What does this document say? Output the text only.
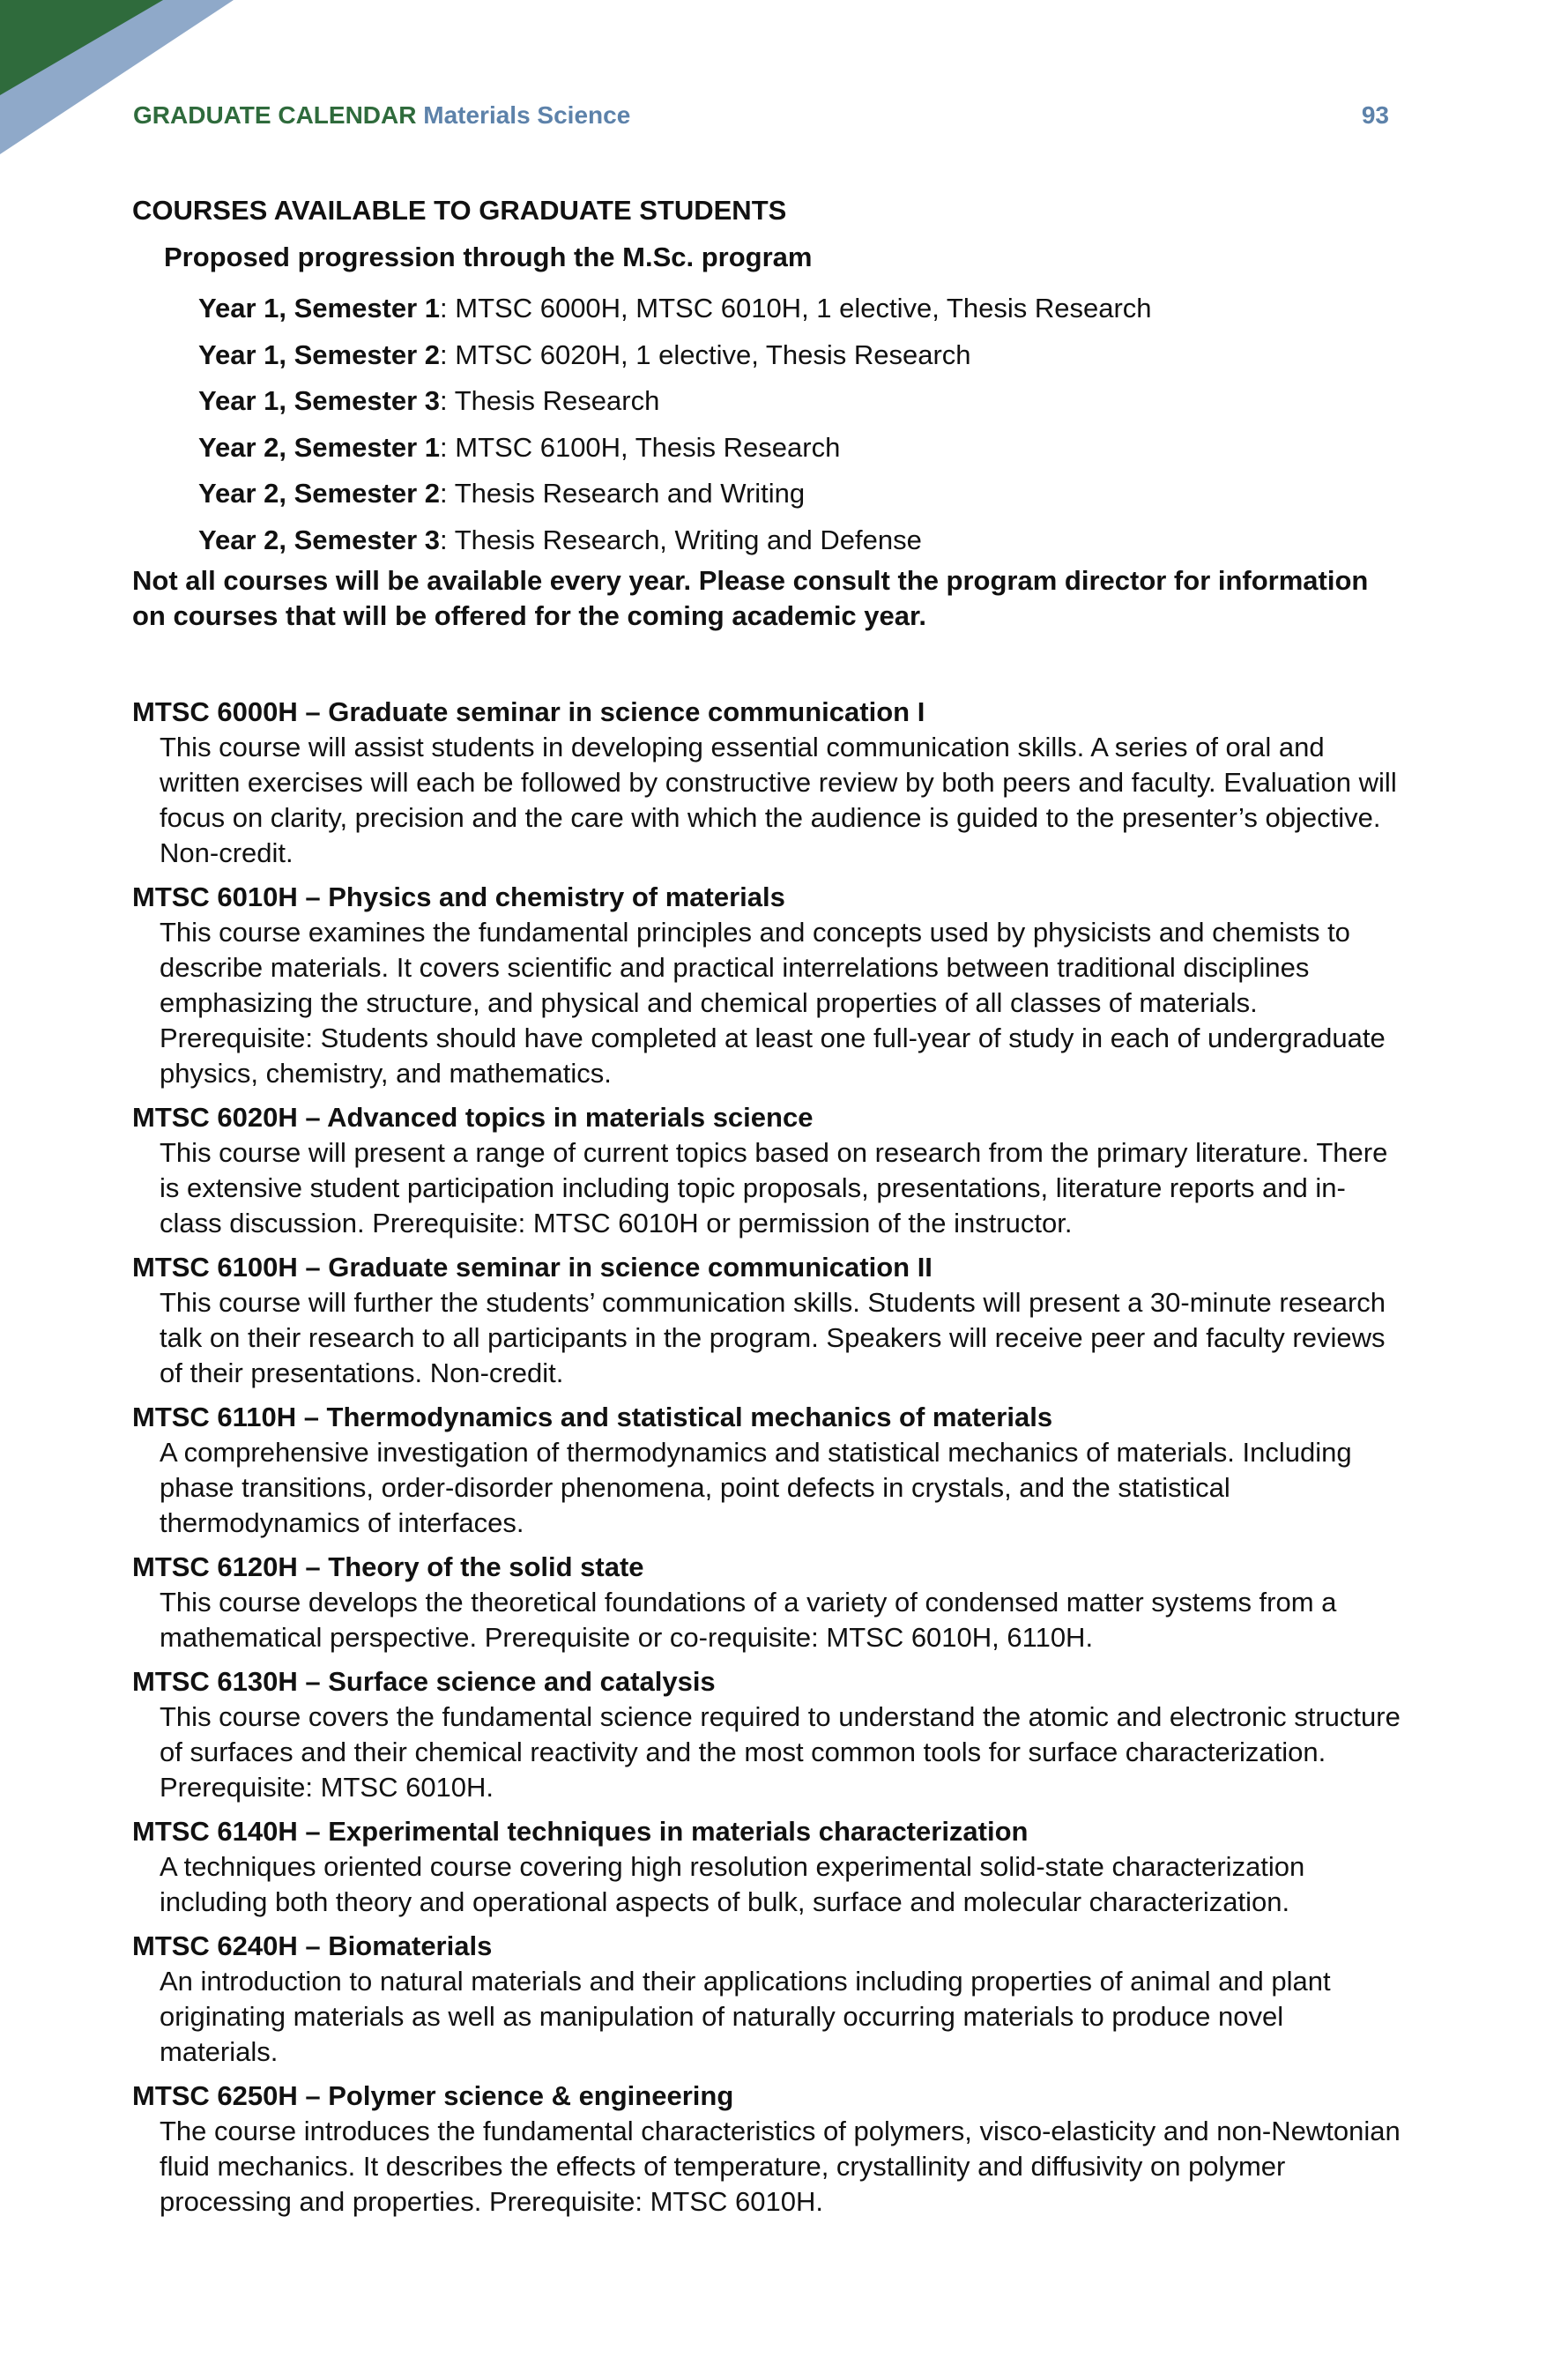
GRADUATE CALENDAR Materials Science	93
COURSES AVAILABLE TO GRADUATE STUDENTS
Proposed progression through the M.Sc. program
Year 1, Semester 1: MTSC 6000H, MTSC 6010H, 1 elective, Thesis Research
Year 1, Semester 2: MTSC 6020H, 1 elective, Thesis Research
Year 1, Semester 3: Thesis Research
Year 2, Semester 1: MTSC 6100H, Thesis Research
Year 2, Semester 2: Thesis Research and Writing
Year 2, Semester 3: Thesis Research, Writing and Defense

Not all courses will be available every year. Please consult the program director for information on courses that will be offered for the coming academic year.

MTSC 6000H – Graduate seminar in science communication I
This course will assist students in developing essential communication skills. A series of oral and written exercises will each be followed by constructive review by both peers and faculty. Evaluation will focus on clarity, precision and the care with which the audience is guided to the presenter’s objective. Non-credit.
MTSC 6010H – Physics and chemistry of materials
This course examines the fundamental principles and concepts used by physicists and chemists to describe materials. It covers scientific and practical interrelations between traditional disciplines emphasizing the structure, and physical and chemical properties of all classes of materials. Prerequisite: Students should have completed at least one full-year of study in each of undergraduate physics, chemistry, and mathematics.
MTSC 6020H – Advanced topics in materials science
This course will present a range of current topics based on research from the primary literature. There is extensive student participation including topic proposals, presentations, literature reports and in-class discussion. Prerequisite: MTSC 6010H or permission of the instructor.
MTSC 6100H – Graduate seminar in science communication II
This course will further the students’ communication skills. Students will present a 30-minute research talk on their research to all participants in the program. Speakers will receive peer and faculty reviews of their presentations. Non-credit.
MTSC 6110H – Thermodynamics and statistical mechanics of materials
A comprehensive investigation of thermodynamics and statistical mechanics of materials. Including phase transitions, order-disorder phenomena, point defects in crystals, and the statistical thermodynamics of interfaces.
MTSC 6120H – Theory of the solid state
This course develops the theoretical foundations of a variety of condensed matter systems from a mathematical perspective. Prerequisite or co-requisite: MTSC 6010H, 6110H.
MTSC 6130H – Surface science and catalysis
This course covers the fundamental science required to understand the atomic and electronic structure of surfaces and their chemical reactivity and the most common tools for surface characterization. Prerequisite: MTSC 6010H.
MTSC 6140H – Experimental techniques in materials characterization
A techniques oriented course covering high resolution experimental solid-state characterization including both theory and operational aspects of bulk, surface and molecular characterization.
MTSC 6240H – Biomaterials
An introduction to natural materials and their applications including properties of animal and plant originating materials as well as manipulation of naturally occurring materials to produce novel materials.
MTSC 6250H – Polymer science & engineering
The course introduces the fundamental characteristics of polymers, visco-elasticity and non-Newtonian fluid mechanics. It describes the effects of temperature, crystallinity and diffusivity on polymer processing and properties. Prerequisite: MTSC 6010H.
